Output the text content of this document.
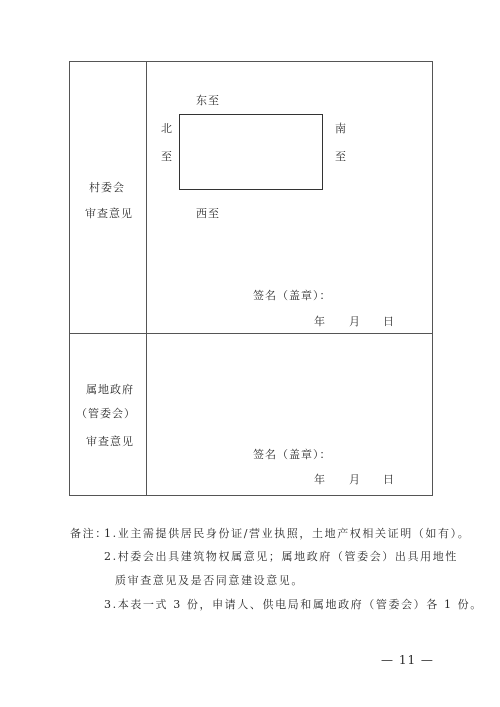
村委会
审查意见
东至
北
至
南
至
西至
签名（盖章）：
年 月 日
属地政府
（管委会）
审查意见
签名（盖章）：
年 月 日
备注：
1.业主需提供居民身份证/营业执照，土地产权相关证明（如有）。
2.村委会出具建筑物权属意见；属地政府（管委会）出具用地性
质审查意见及是否同意建设意见。
3.本表一式 3 份，申请人、供电局和属地政府（管委会）各 1 份。
— 11 —
